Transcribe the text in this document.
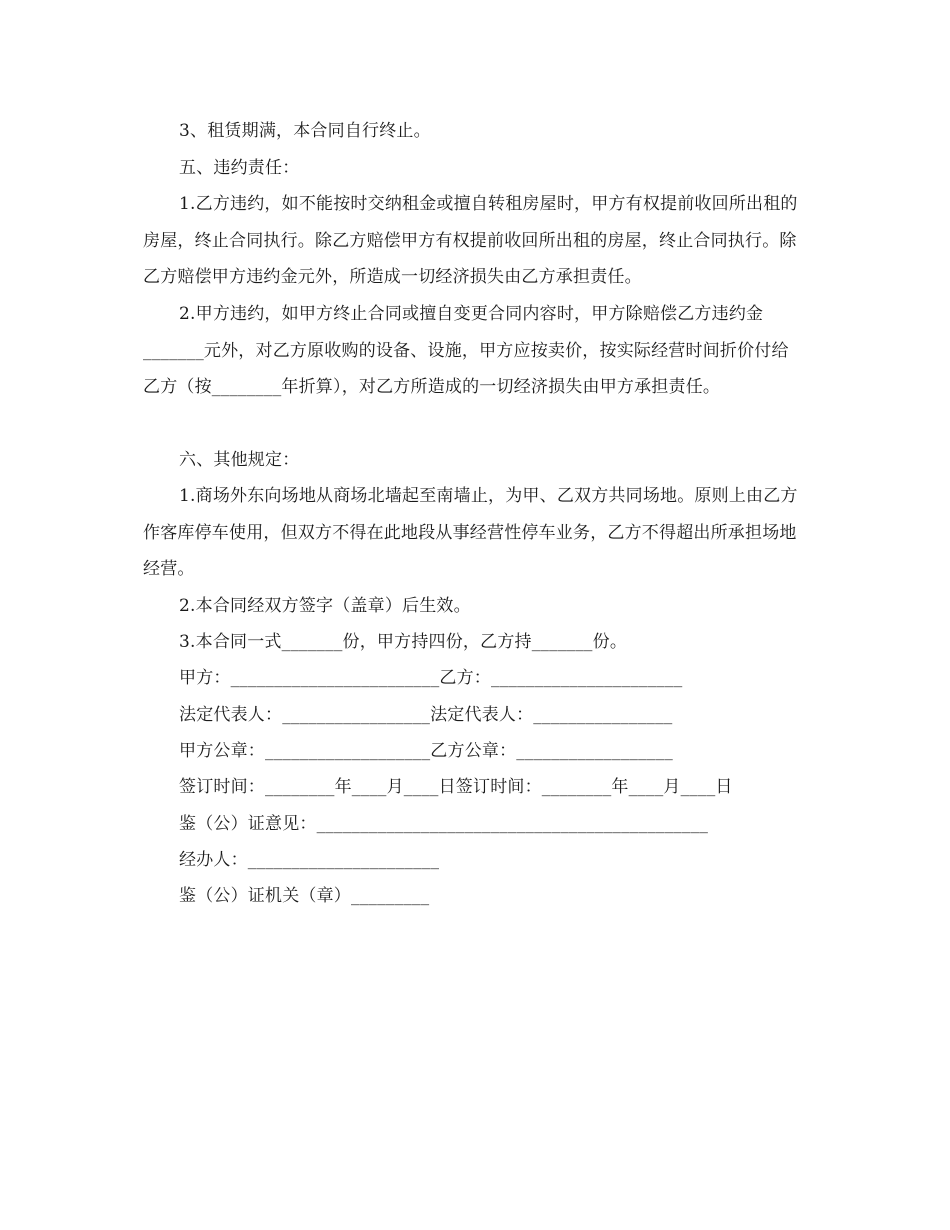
3、租赁期满，本合同自行终止。

五、违约责任：

1.乙方违约，如不能按时交纳租金或擅自转租房屋时，甲方有权提前收回所出租的房屋，终止合同执行。除乙方赔偿甲方有权提前收回所出租的房屋，终止合同执行。除乙方赔偿甲方违约金元外，所造成一切经济损失由乙方承担责任。

2.甲方违约，如甲方终止合同或擅自变更合同内容时，甲方除赔偿乙方违约金_______元外，对乙方原收购的设备、设施，甲方应按卖价，按实际经营时间折价付给乙方（按________年折算），对乙方所造成的一切经济损失由甲方承担责任。

六、其他规定：

1.商场外东向场地从商场北墙起至南墙止，为甲、乙双方共同场地。原则上由乙方作客库停车使用，但双方不得在此地段从事经营性停车业务，乙方不得超出所承担场地经营。

2.本合同经双方签字（盖章）后生效。

3.本合同一式_______份，甲方持四份，乙方持_______份。

甲方：________________________乙方：______________________

法定代表人：_________________法定代表人：________________

甲方公章：___________________乙方公章：__________________

签订时间：________年____月____日签订时间：________年____月____日

鉴（公）证意见：_____________________________________________

经办人：______________________

鉴（公）证机关（章）_________
